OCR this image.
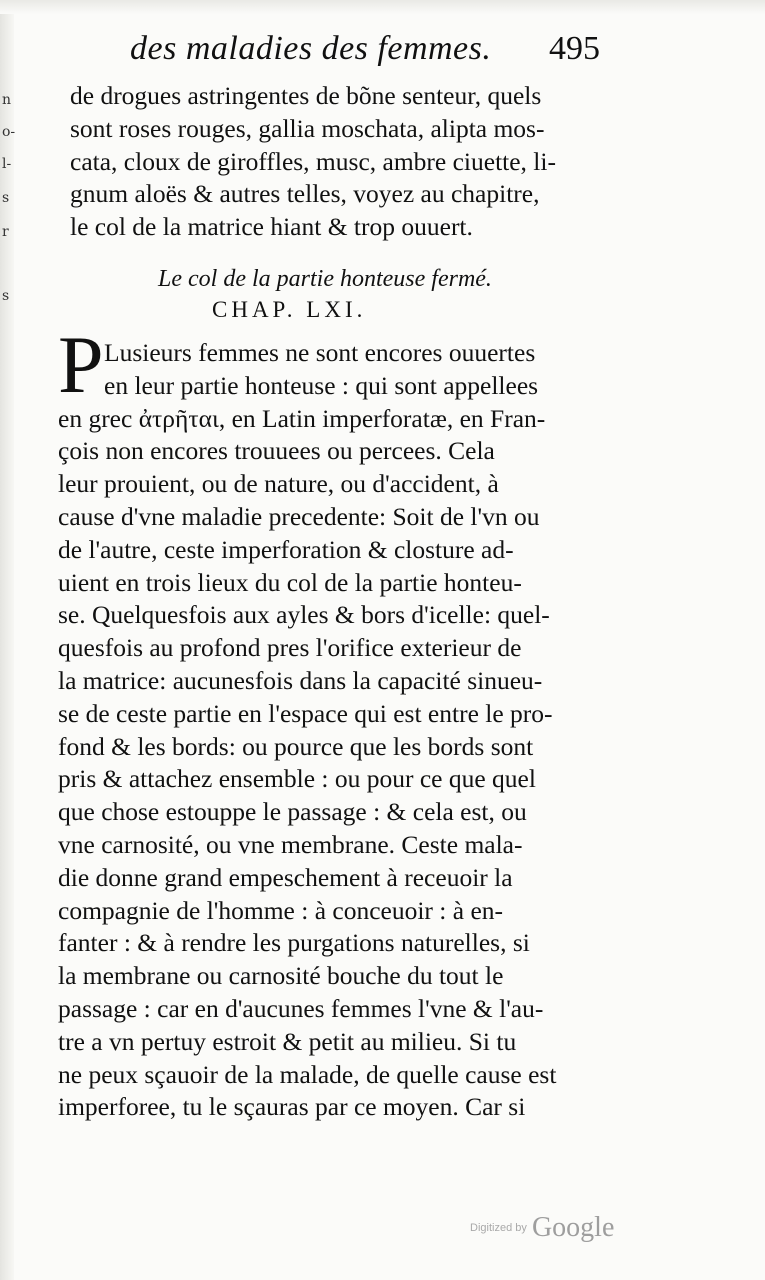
n
o-
l-
s
r
s
des maladies des femmes. 495
de drogues astringentes de bõne senteur, quels
sont roses rouges, gallia moschata, alipta mos-
cata, cloux de giroffles, musc, ambre ciuette, li-
gnum aloës & autres telles, voyez au chapitre,
le col de la matrice hiant & trop ouuert.
Le col de la partie honteuse fermé.
CHAP. LXI.
P Lusieurs femmes ne sont encores ouuertes
en leur partie honteuse : qui sont appellees
en grec ἀτρῆται, en Latin imperforatæ, en Fran-
çois non encores trouuees ou percees. Cela
leur prouient, ou de nature, ou d'accident, à
cause d'vne maladie precedente: Soit de l'vn ou
de l'autre, ceste imperforation & closture ad-
uient en trois lieux du col de la partie honteu-
se. Quelquesfois aux ayles & bors d'icelle: quel-
quesfois au profond pres l'orifice exterieur de
la matrice: aucunesfois dans la capacité sinueu-
se de ceste partie en l'espace qui est entre le pro-
fond & les bords: ou pource que les bords sont
pris & attachez ensemble : ou pour ce que quel
que chose estouppe le passage : & cela est, ou
vne carnosité, ou vne membrane. Ceste mala-
die donne grand empeschement à receuoir la
compagnie de l'homme : à conceuoir : à en-
fanter : & à rendre les purgations naturelles, si
la membrane ou carnosité bouche du tout le
passage : car en d'aucunes femmes l'vne & l'au-
tre a vn pertuy estroit & petit au milieu. Si tu
ne peux sçauoir de la malade, de quelle cause est
imperforee, tu le sçauras par ce moyen. Car si
Digitized by Google
